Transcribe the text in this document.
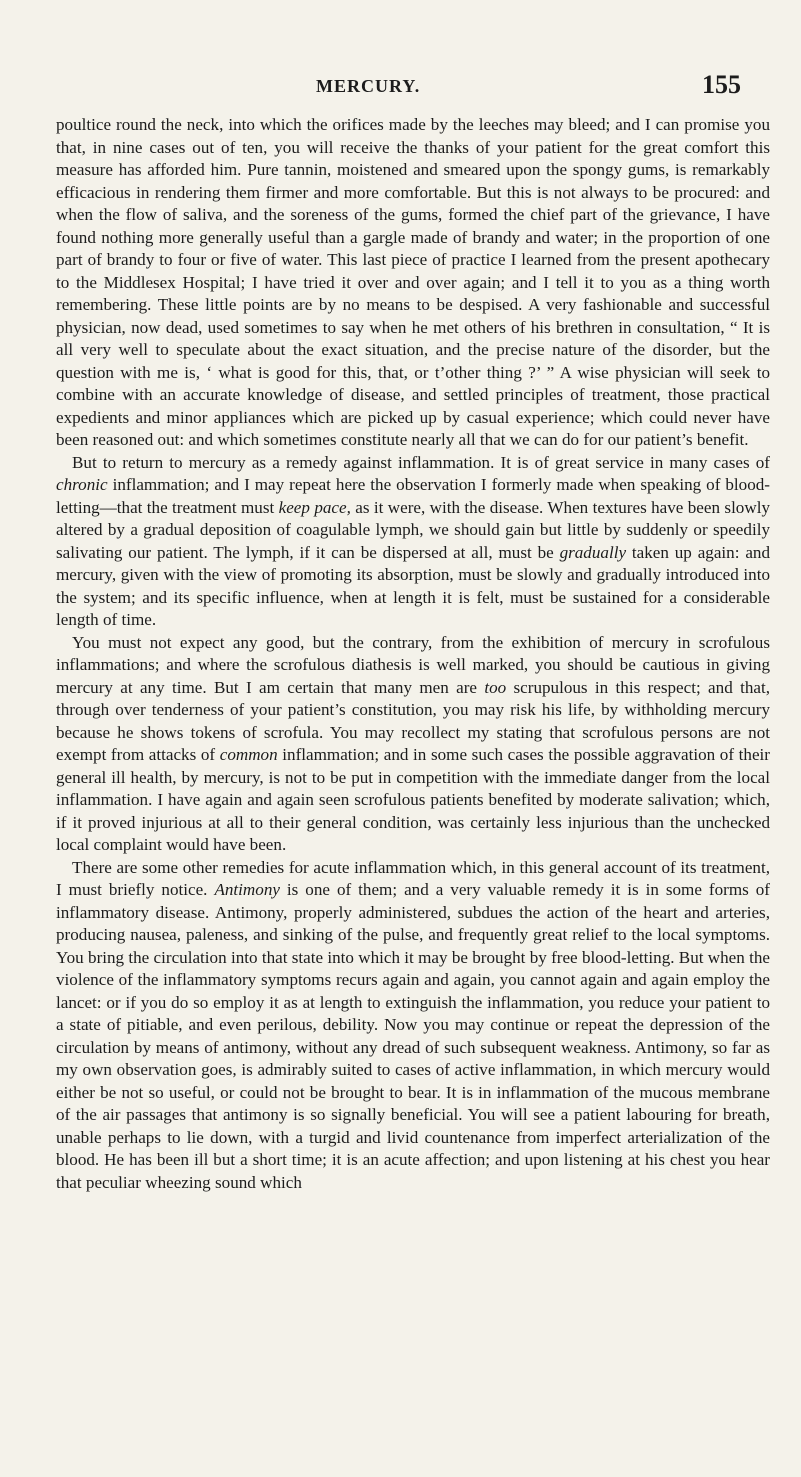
MERCURY.	155

poultice round the neck, into which the orifices made by the leeches may bleed; and I can promise you that, in nine cases out of ten, you will receive the thanks of your patient for the great comfort this measure has afforded him. Pure tannin, moistened and smeared upon the spongy gums, is remarkably efficacious in rendering them firmer and more comfortable. But this is not always to be procured: and when the flow of saliva, and the soreness of the gums, formed the chief part of the grievance, I have found nothing more generally useful than a gargle made of brandy and water; in the proportion of one part of brandy to four or five of water. This last piece of practice I learned from the present apothecary to the Middlesex Hospital; I have tried it over and over again; and I tell it to you as a thing worth remembering. These little points are by no means to be despised. A very fashionable and successful physician, now dead, used sometimes to say when he met others of his brethren in consultation, “ It is all very well to speculate about the exact situation, and the precise nature of the disorder, but the question with me is, ‘ what is good for this, that, or t’other thing ?’ ” A wise physician will seek to combine with an accurate knowledge of disease, and settled principles of treatment, those practical expedients and minor appliances which are picked up by casual experience; which could never have been reasoned out: and which sometimes constitute nearly all that we can do for our patient’s benefit.

But to return to mercury as a remedy against inflammation. It is of great service in many cases of chronic inflammation; and I may repeat here the observation I formerly made when speaking of blood-letting—that the treatment must keep pace, as it were, with the disease. When textures have been slowly altered by a gradual deposition of coagulable lymph, we should gain but little by suddenly or speedily salivating our patient. The lymph, if it can be dispersed at all, must be gradually taken up again: and mercury, given with the view of promoting its absorption, must be slowly and gradually introduced into the system; and its specific influence, when at length it is felt, must be sustained for a considerable length of time.

You must not expect any good, but the contrary, from the exhibition of mercury in scrofulous inflammations; and where the scrofulous diathesis is well marked, you should be cautious in giving mercury at any time. But I am certain that many men are too scrupulous in this respect; and that, through over tenderness of your patient’s constitution, you may risk his life, by withholding mercury because he shows tokens of scrofula. You may recollect my stating that scrofulous persons are not exempt from attacks of common inflammation; and in some such cases the possible aggravation of their general ill health, by mercury, is not to be put in competition with the immediate danger from the local inflammation. I have again and again seen scrofulous patients benefited by moderate salivation; which, if it proved injurious at all to their general condition, was certainly less injurious than the unchecked local complaint would have been.

There are some other remedies for acute inflammation which, in this general account of its treatment, I must briefly notice. Antimony is one of them; and a very valuable remedy it is in some forms of inflammatory disease. Antimony, properly administered, subdues the action of the heart and arteries, producing nausea, paleness, and sinking of the pulse, and frequently great relief to the local symptoms. You bring the circulation into that state into which it may be brought by free blood-letting. But when the violence of the inflammatory symptoms recurs again and again, you cannot again and again employ the lancet: or if you do so employ it as at length to extinguish the inflammation, you reduce your patient to a state of pitiable, and even perilous, debility. Now you may continue or repeat the depression of the circulation by means of antimony, without any dread of such subsequent weakness. Antimony, so far as my own observation goes, is admirably suited to cases of active inflammation, in which mercury would either be not so useful, or could not be brought to bear. It is in inflammation of the mucous membrane of the air passages that antimony is so signally beneficial. You will see a patient labouring for breath, unable perhaps to lie down, with a turgid and livid countenance from imperfect arterialization of the blood. He has been ill but a short time; it is an acute affection; and upon listening at his chest you hear that peculiar wheezing sound which
